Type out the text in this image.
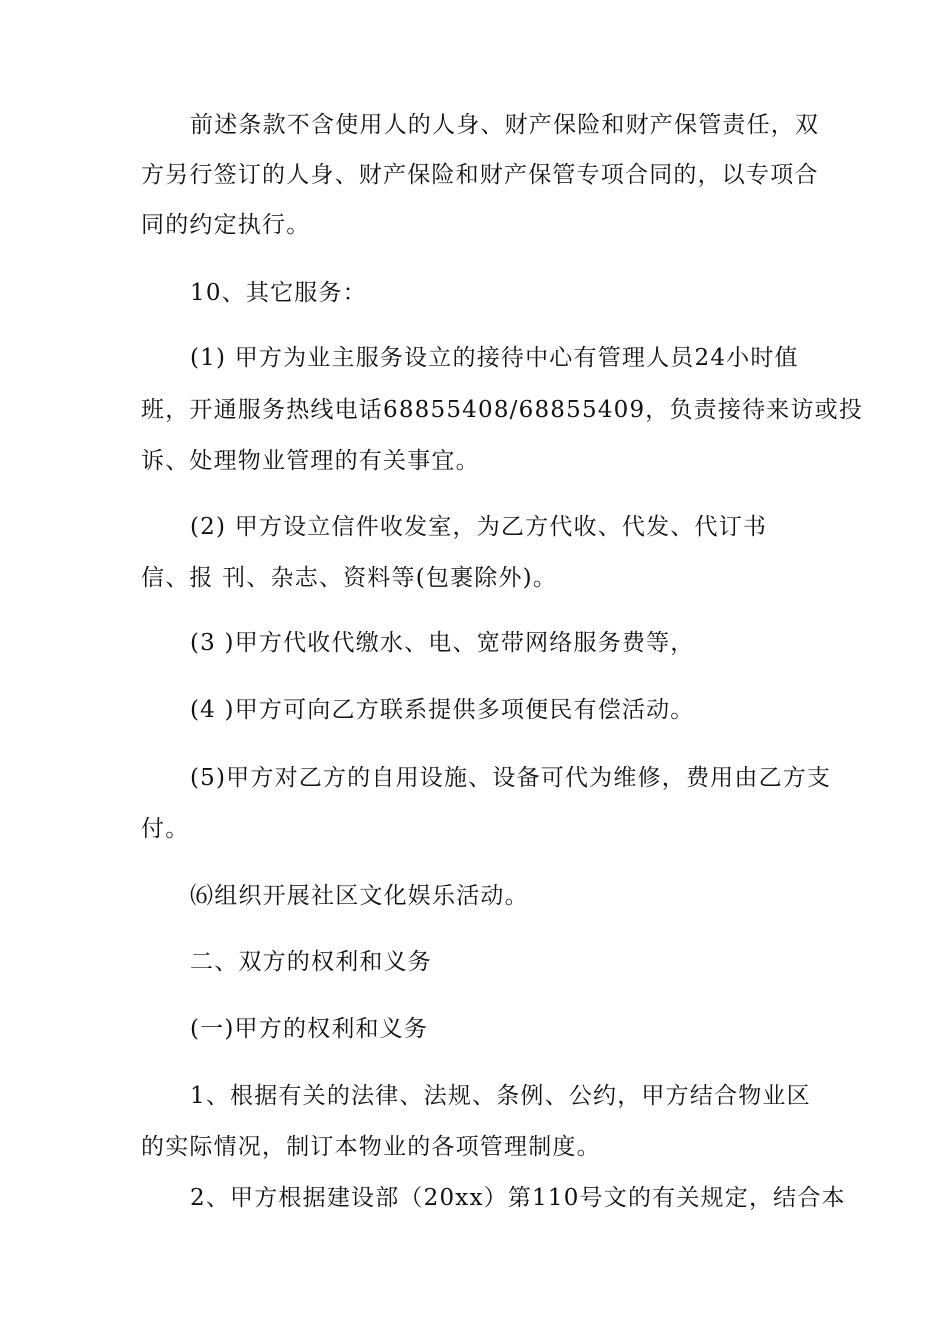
前述条款不含使用人的人身、财产保险和财产保管责任，双
方另行签订的人身、财产保险和财产保管专项合同的，以专项合
同的约定执行。
10、其它服务：
(1) 甲方为业主服务设立的接待中心有管理人员24小时值
班，开通服务热线电话68855408/68855409，负责接待来访或投
诉、处理物业管理的有关事宜。
(2) 甲方设立信件收发室，为乙方代收、代发、代订书
信、报 刊、杂志、资料等(包裹除外)。
(3 )甲方代收代缴水、电、宽带网络服务费等，
(4 )甲方可向乙方联系提供多项便民有偿活动。
(5)甲方对乙方的自用设施、设备可代为维修，费用由乙方支
付。
⑹组织开展社区文化娱乐活动。
二、双方的权利和义务
(一)甲方的权利和义务
1、根据有关的法律、法规、条例、公约，甲方结合物业区
的实际情况，制订本物业的各项管理制度。
2、甲方根据建设部（20xx）第110号文的有关规定，结合本
